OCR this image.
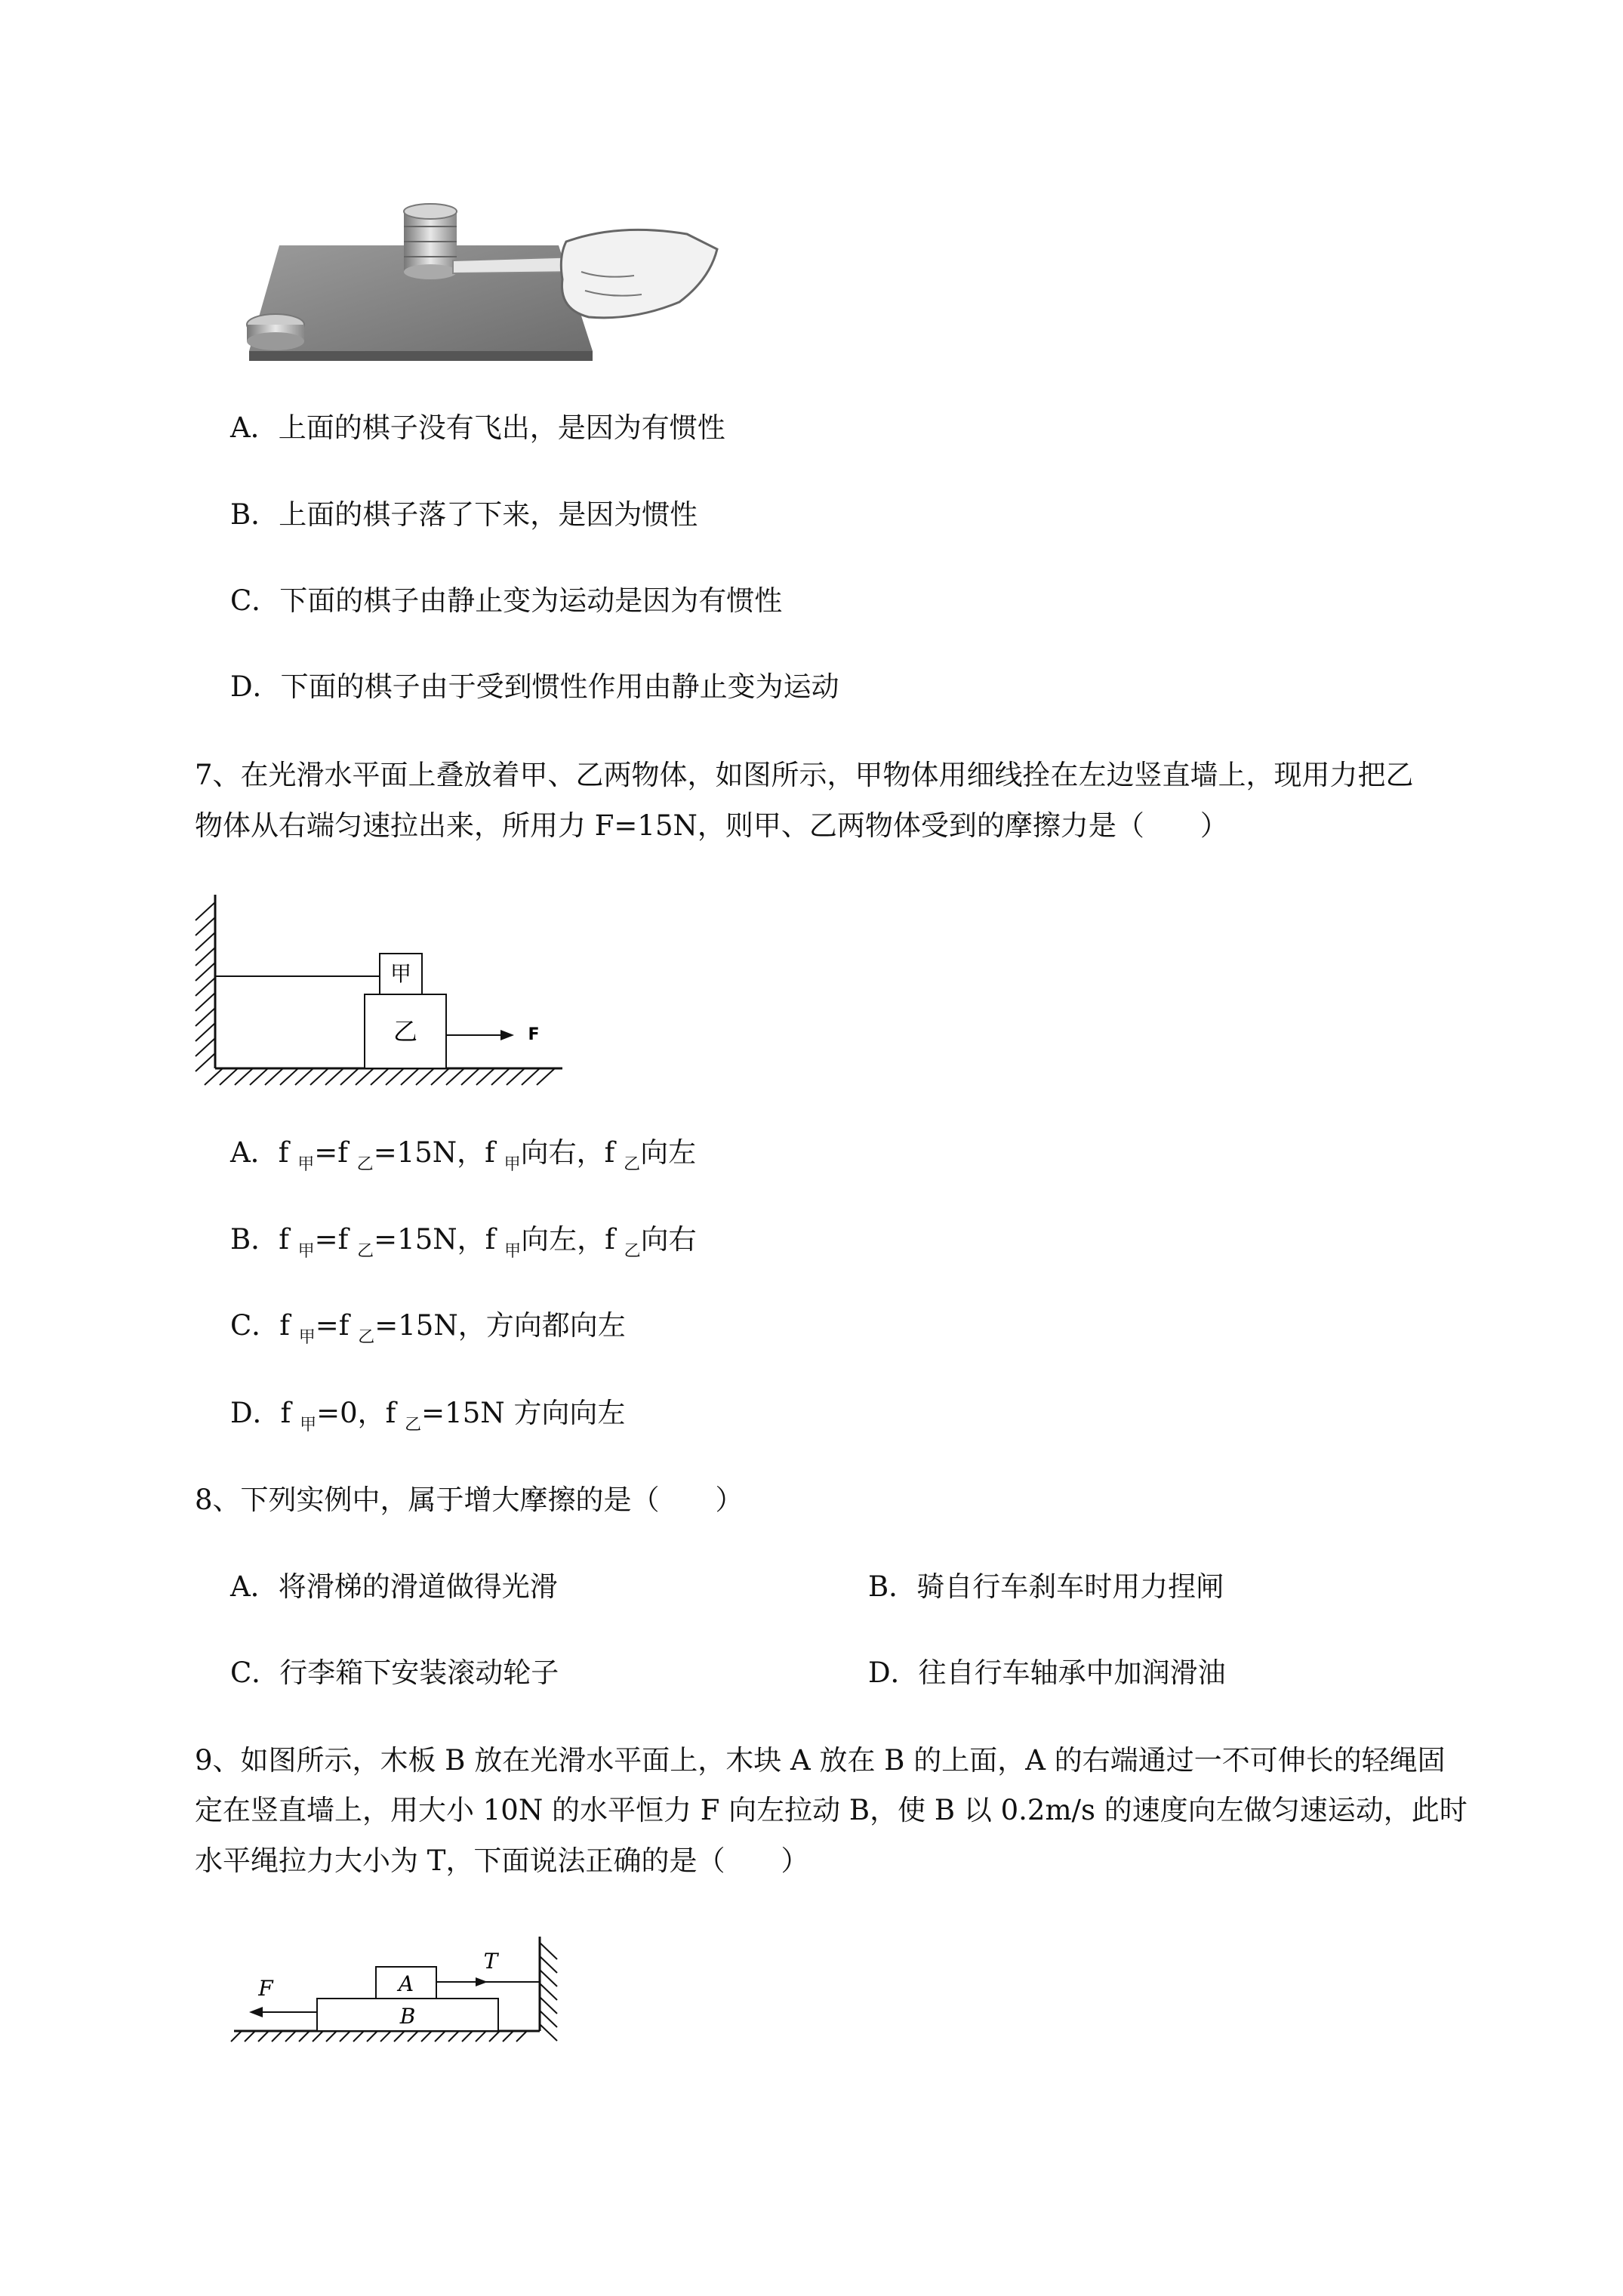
A．上面的棋子没有飞出，是因为有惯性
B．上面的棋子落了下来，是因为惯性
C．下面的棋子由静止变为运动是因为有惯性
D．下面的棋子由于受到惯性作用由静止变为运动
7、在光滑水平面上叠放着甲、乙两物体，如图所示，甲物体用细线拴在左边竖直墙上，现用力把乙
物体从右端匀速拉出来，所用力 F=15N，则甲、乙两物体受到的摩擦力是（　　）
甲
乙	F
A．f $_甲$=f $_乙$=15N，f $_甲$向右，f $_乙$向左
B．f $_甲$=f $_乙$=15N，f $_甲$向左，f $_乙$向右
C．f $_甲$=f $_乙$=15N，方向都向左
D．f $_甲$=0，f $_乙$=15N 方向向左
8、下列实例中，属于增大摩擦的是（　　）
A．将滑梯的滑道做得光滑	B．骑自行车刹车时用力捏闸
C．行李箱下安装滚动轮子	D．往自行车轴承中加润滑油
9、如图所示，木板 B 放在光滑水平面上，木块 A 放在 B 的上面，A 的右端通过一不可伸长的轻绳固
定在竖直墙上，用大小 10N 的水平恒力 F 向左拉动 B，使 B 以 0.2m/s 的速度向左做匀速运动，此时
水平绳拉力大小为 T，下面说法正确的是（　　）
B
A
T
F
